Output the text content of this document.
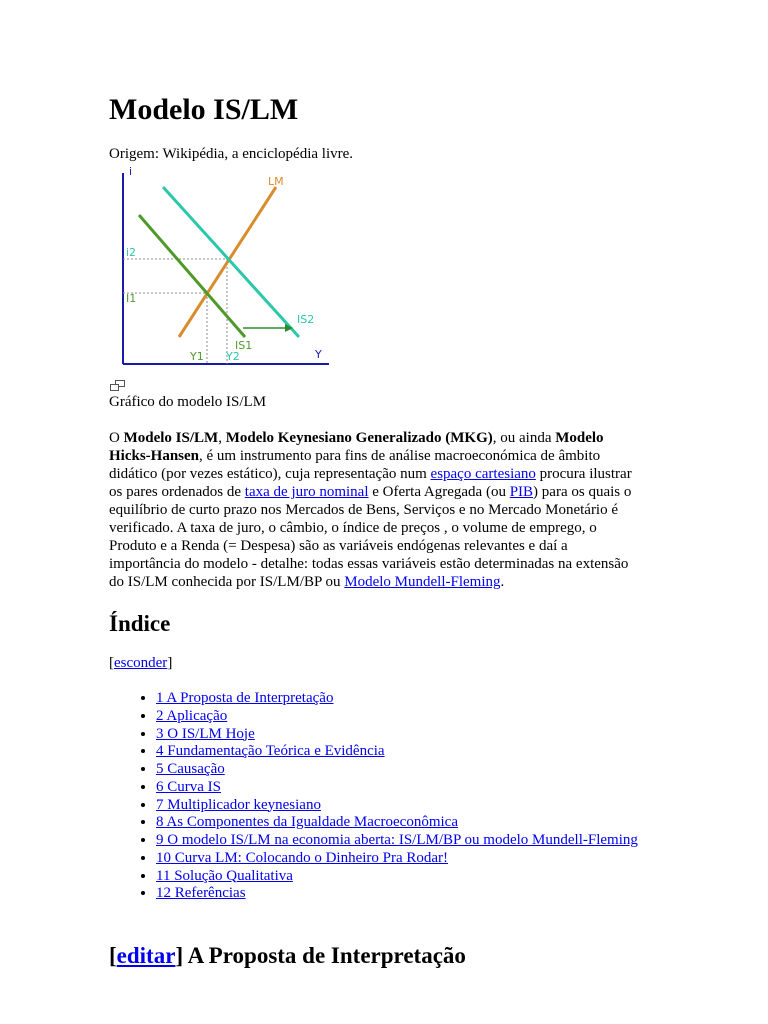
Modelo IS/LM
Origem: Wikipédia, a enciclopédia livre.
i
Y
LM
i2
I1
IS2
IS1
Y1 Y2
Gráfico do modelo IS/LM

O Modelo IS/LM, Modelo Keynesiano Generalizado (MKG), ou ainda Modelo
Hicks-Hansen, é um instrumento para fins de análise macroeconómica de âmbito
didático (por vezes estático), cuja representação num espaço cartesiano procura ilustrar
os pares ordenados de taxa de juro nominal e Oferta Agregada (ou PIB) para os quais o
equilíbrio de curto prazo nos Mercados de Bens, Serviços e no Mercado Monetário é
verificado. A taxa de juro, o câmbio, o índice de preços , o volume de emprego, o
Produto e a Renda (= Despesa) são as variáveis endógenas relevantes e daí a
importância do modelo - detalhe: todas essas variáveis estão determinadas na extensão
do IS/LM conhecida por IS/LM/BP ou Modelo Mundell-Fleming.

Índice
[esconder]
• 1 A Proposta de Interpretação
• 2 Aplicação
• 3 O IS/LM Hoje
• 4 Fundamentação Teórica e Evidência
• 5 Causação
• 6 Curva IS
• 7 Multiplicador keynesiano
• 8 As Componentes da Igualdade Macroeconômica
• 9 O modelo IS/LM na economia aberta: IS/LM/BP ou modelo Mundell-Fleming
• 10 Curva LM: Colocando o Dinheiro Pra Rodar!
• 11 Solução Qualitativa
• 12 Referências
[editar] A Proposta de Interpretação
